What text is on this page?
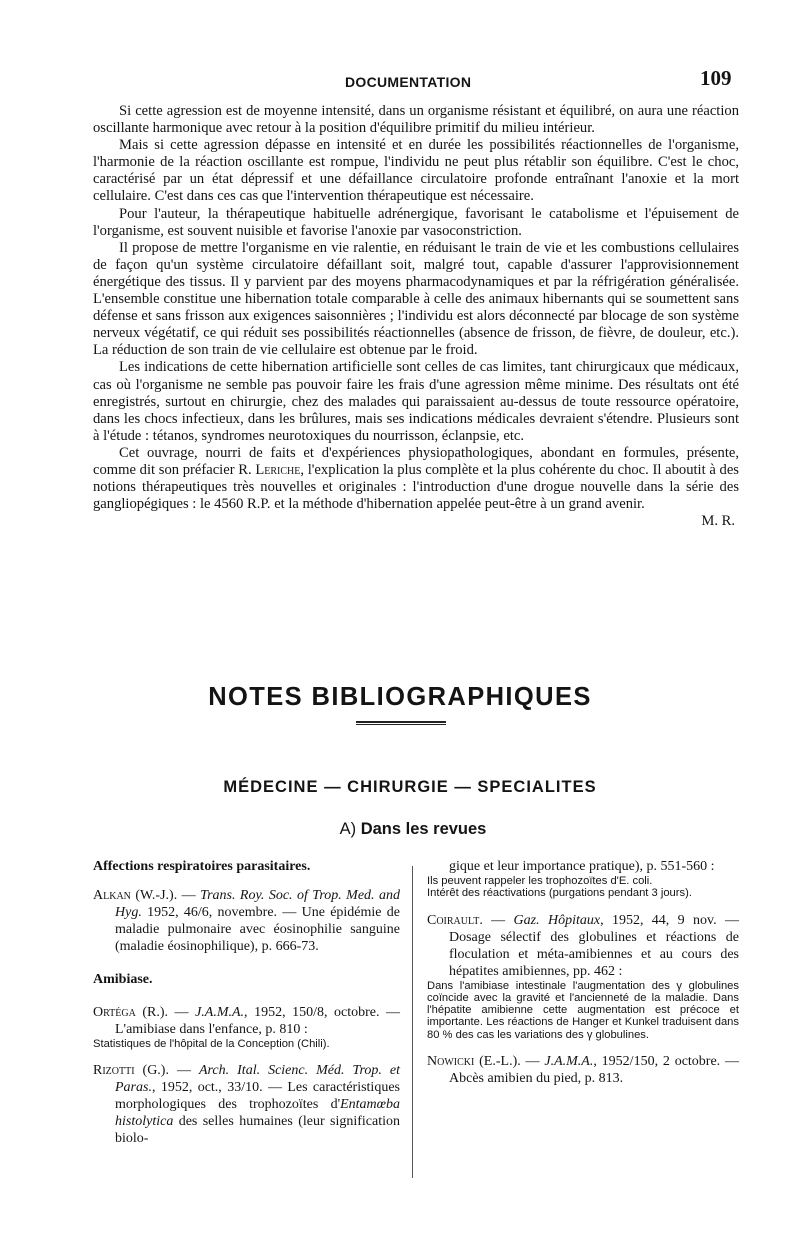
DOCUMENTATION	109

Si cette agression est de moyenne intensité, dans un organisme résistant et équilibré, on aura une réaction oscillante harmonique avec retour à la position d'équilibre primitif du milieu intérieur.

Mais si cette agression dépasse en intensité et en durée les possibilités réactionnelles de l'organisme, l'harmonie de la réaction oscillante est rompue, l'individu ne peut plus rétablir son équilibre. C'est le choc, caractérisé par un état dépressif et une défaillance circulatoire profonde entraînant l'anoxie et la mort cellulaire. C'est dans ces cas que l'intervention thérapeutique est nécessaire.

Pour l'auteur, la thérapeutique habituelle adrénergique, favorisant le catabolisme et l'épuisement de l'organisme, est souvent nuisible et favorise l'anoxie par vasoconstriction.

Il propose de mettre l'organisme en vie ralentie, en réduisant le train de vie et les combustions cellulaires de façon qu'un système circulatoire défaillant soit, malgré tout, capable d'assurer l'approvisionnement énergétique des tissus. Il y parvient par des moyens pharmacodynamiques et par la réfrigération généralisée. L'ensemble constitue une hibernation totale comparable à celle des animaux hibernants qui se soumettent sans défense et sans frisson aux exigences saisonnières ; l'individu est alors déconnecté par blocage de son système nerveux végétatif, ce qui réduit ses possibilités réactionnelles (absence de frisson, de fièvre, de douleur, etc.). La réduction de son train de vie cellulaire est obtenue par le froid.

Les indications de cette hibernation artificielle sont celles de cas limites, tant chirurgicaux que médicaux, cas où l'organisme ne semble pas pouvoir faire les frais d'une agression même minime. Des résultats ont été enregistrés, surtout en chirurgie, chez des malades qui paraissaient au-dessus de toute ressource opératoire, dans les chocs infectieux, dans les brûlures, mais ses indications médicales devraient s'étendre. Plusieurs sont à l'étude : tétanos, syndromes neurotoxiques du nourrisson, éclanpsie, etc.

Cet ouvrage, nourri de faits et d'expériences physiopathologiques, abondant en formules, présente, comme dit son préfacier R. Leriche, l'explication la plus complète et la plus cohérente du choc. Il aboutit à des notions thérapeutiques très nouvelles et originales : l'introduction d'une drogue nouvelle dans la série des gangliopégiques : le 4560 R.P. et la méthode d'hibernation appelée peut-être à un grand avenir.

M. R.

NOTES BIBLIOGRAPHIQUES
MÉDECINE — CHIRURGIE — SPECIALITES
A) Dans les revues

Affections respiratoires parasitaires.

Alkan (W.-J.). — Trans. Roy. Soc. of Trop. Med. and Hyg. 1952, 46/6, novembre. — Une épidémie de maladie pulmonaire avec éosinophilie sanguine (maladie éosinophilique), p. 666-73.

Amibiase.

Ortéga (R.). — J.A.M.A., 1952, 150/8, octobre. — L'amibiase dans l'enfance, p. 810 :

Statistiques de l'hôpital de la Conception (Chili).

Rizotti (G.). — Arch. Ital. Scienc. Méd. Trop. et Paras., 1952, oct., 33/10. — Les caractéristiques morphologiques des trophozoïtes d'Entamœba histolytica des selles humaines (leur signification biolo-

gique et leur importance pratique), p. 551-560 :

Ils peuvent rappeler les trophozoïtes d'E. coli.

Intérêt des réactivations (purgations pendant 3 jours).

Coirault. — Gaz. Hôpitaux, 1952, 44, 9 nov. — Dosage sélectif des globulines et réactions de floculation et méta-amibiennes et au cours des hépatites amibiennes, pp. 462 :

Dans l'amibiase intestinale l'augmentation des γ globulines coïncide avec la gravité et l'ancienneté de la maladie. Dans l'hépatite amibienne cette augmentation est précoce et importante. Les réactions de Hanger et Kunkel traduisent dans 80 % des cas les variations des γ globulines.

Nowicki (E.-L.). — J.A.M.A., 1952/150, 2 octobre. — Abcès amibien du pied, p. 813.
